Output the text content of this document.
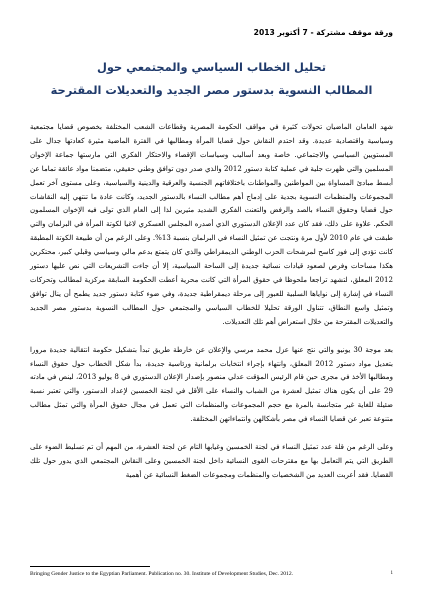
ورقة موقف مشتركة - 7 أكتوبر 2013
تحليل الخطاب السياسي والمجتمعي حول
المطالب النسوية بدستور مصر الجديد والتعديلات المقترحة

شهد العامان الماضيان تحولات كثيرة في مواقف الحكومة المصرية وقطاعات الشعب المختلفة بخصوص قضايا مجتمعية وسياسية واقتصادية عديدة. وقد احتدم النقاش حول قضايا المرأة ومطالبها في الفترة الماضية مثيرة كعادتها جدال على المستويين السياسي والاجتماعي. خاصة وبعد أساليب وسياسات الإقصاء والاحتكار الفكري التي مارستها جماعة الإخوان المسلمين والتي ظهرت جلية في عملية كتابة دستور 2012 والذي صدر دون توافق وطني حقيقي، متضمنا مواد عائقة تماما عن أبسط مبادئ المساواة بين المواطنين والمواطنات باختلافاتهم الجنسية والعرقية والدينية والسياسية، وعلى مستوى آخر تعمل المجموعات والمنظمات النسوية بجدية على إدماج أهم مطالب النساء بالدستور الجديد، وكانت عادة ما تنتهي إليه النقاشات حول قضايا وحقوق النساء بالصد والرفض والتعنت الفكري الشديد مثيرين لذا إلى العام الذي تولى فيه الإخوان المسلمون الحكم. علاوة على ذلك، فقد كان عدد الإعلان الدستوري الذي أصدره المجلس العسكري لاغيا لكوتة المرأة في البرلمان والتي طبقت في عام 2010 لأول مرة ونتجت عن تمثيل النساء في البرلمان بنسبة 13%. وعلى الرغم من أن طبيعة الكوتة المطبقة كانت تؤدي إلى فوز كاسح لمرشحات الحزب الوطني الديمقراطي والذي كان يتمتع بدعم مالي وسياسي وقبلي كبير، محتكرين هكذا مساحات وفرص لصعود قيادات نسائية جديدة إلى الساحة السياسية، إلا أن جاءت التشريعات التي نص عليها دستور 2012 المعلق، لتشهد تراجعا ملحوظا في حقوق المرأة التي كانت محرية أعطت الحكومة السابقة مركزية لمطالب وتحركات النساء في إشارة إلى نواياها السلبية للعبور إلى مرحلة ديمقراطية جديدة، وفي ضوء كتابة دستور جديد يطمح أن ينال توافق وتمثيل واسع النطاق، تتناول الورقة تحليلا للخطاب السياسي والمجتمعي حول المطالب النسوية بدستور مصر الجديد والتعديلات المقترحة من خلال استعراض أهم تلك التعديلات.

بعد موجة 30 يونيو والتي نتج عنها عزل محمد مرسي والإعلان عن خارطة طريق تبدأ بتشكيل حكومة انتقالية جديدة مرورا بتعديل مواد دستور 2012 المعلق، وانتهاء بإجراء انتخابات برلمانية ورئاسية جديدة، بدأ شكل الخطاب حول حقوق النساء ومطالبها الأخذ في مجرى حين قام الرئيس المؤقت عدلي منصور بإصدار الإعلان الدستوري في 8 يوليو 2013، لينص في مادته 29 على أن يكون هناك تمثيل لعشرة من الشباب والنساء على الأقل في لجنة الخمسين لإعداد الدستور، والتي تعتبر نسبة ضئيلة للغاية غير متجانسة بالمرة مع حجم المجموعات والمنظمات التي تعمل في مجال حقوق المرأة والتي تمثل مطالب متنوعة تعبر عن قضايا النساء في مصر بأشكالهن وانتماءاتهن المختلفة.

وعلى الرغم من قلة عدد تمثيل النساء في لجنة الخمسين وغيابها التام عن لجنة العشرة، من المهم أن تم تسليط الضوء على الطريق التي يتم التعامل بها مع مقترحات القوى النسائية داخل لجنة الخمسين وعلى النقاش المجتمعي الذي يدور حول تلك القضايا. فقد أعربت العديد من الشخصيات والمنظمات ومجموعات الضغط النسائية عن أهمية

Bringing Gender Justice to the Egyptian Parliament. Publication no. 30. Institute of Development Studies, Dec. 2012.	1
